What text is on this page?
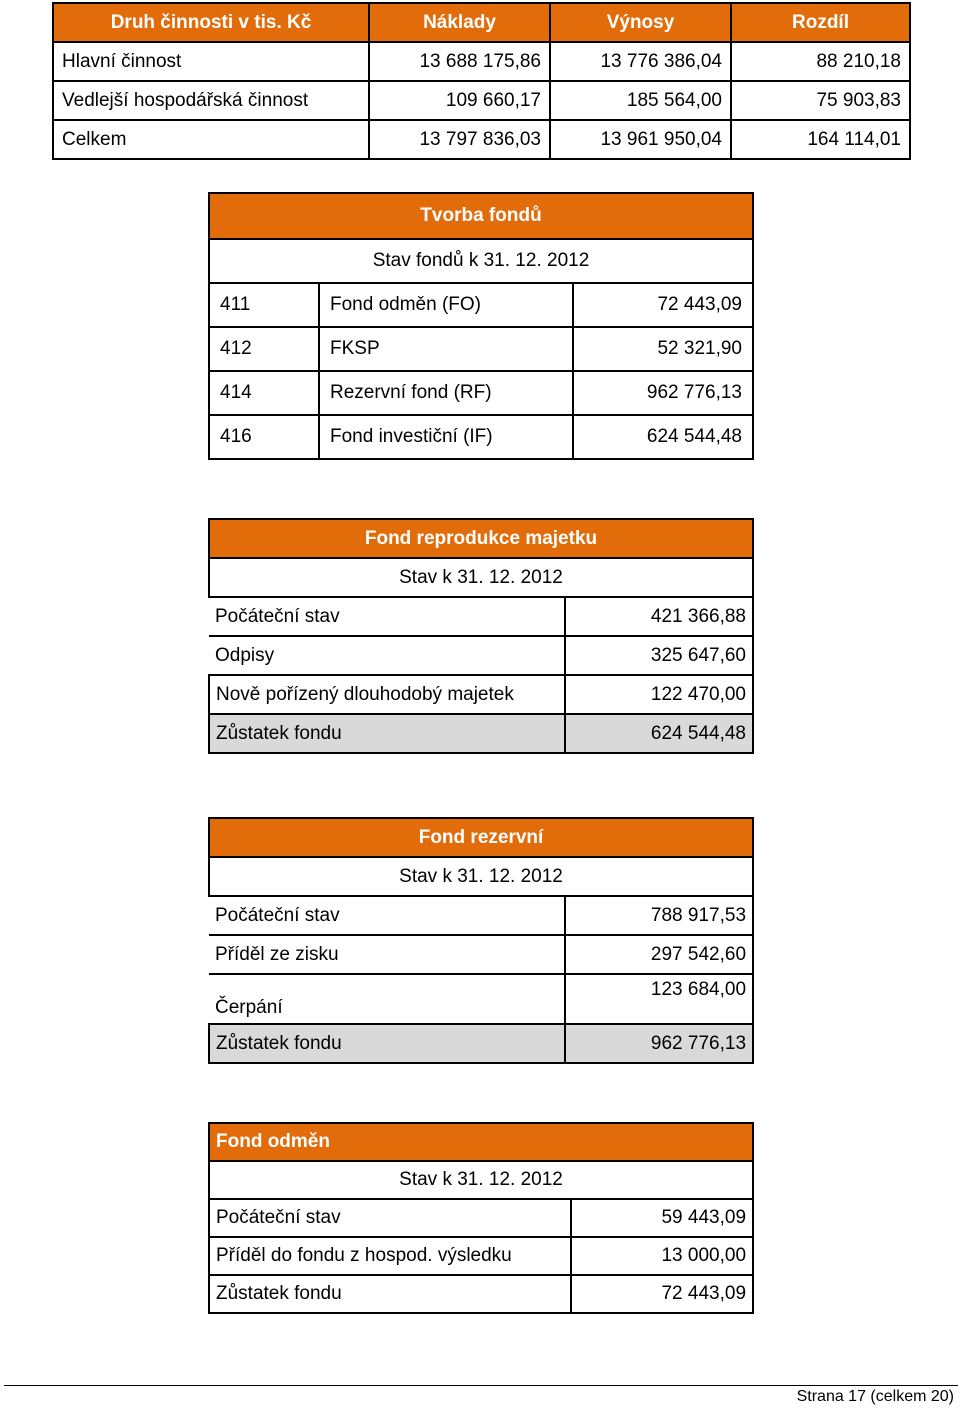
Druh činnosti v tis. Kč	Náklady	Výnosy	Rozdíl
Hlavní činnost	13 688 175,86	13 776 386,04	88 210,18
Vedlejší hospodářská činnost	109 660,17	185 564,00	75 903,83
Celkem	13 797 836,03	13 961 950,04	164 114,01
Tvorba fondů		
Stav fondů k 31. 12. 2012		
411	Fond odměn (FO)	72 443,09
412	FKSP	52 321,90
414	Rezervní fond (RF)	962 776,13
416	Fond investiční (IF)	624 544,48
Fond reprodukce majetku	
Stav k 31. 12. 2012	
Počáteční stav	421 366,88
Odpisy	325 647,60
Nově pořízený dlouhodobý majetek	122 470,00
Zůstatek fondu	624 544,48
Fond rezervní	
Stav k 31. 12. 2012	
Počáteční stav	788 917,53
Příděl ze zisku	297 542,60
Čerpání	123 684,00
Zůstatek fondu	962 776,13
Fond odměn	
Stav k 31. 12. 2012	
Počáteční stav	59 443,09
Příděl do fondu z hospod. výsledku	13 000,00
Zůstatek fondu	72 443,09
Strana 17 (celkem 20)
